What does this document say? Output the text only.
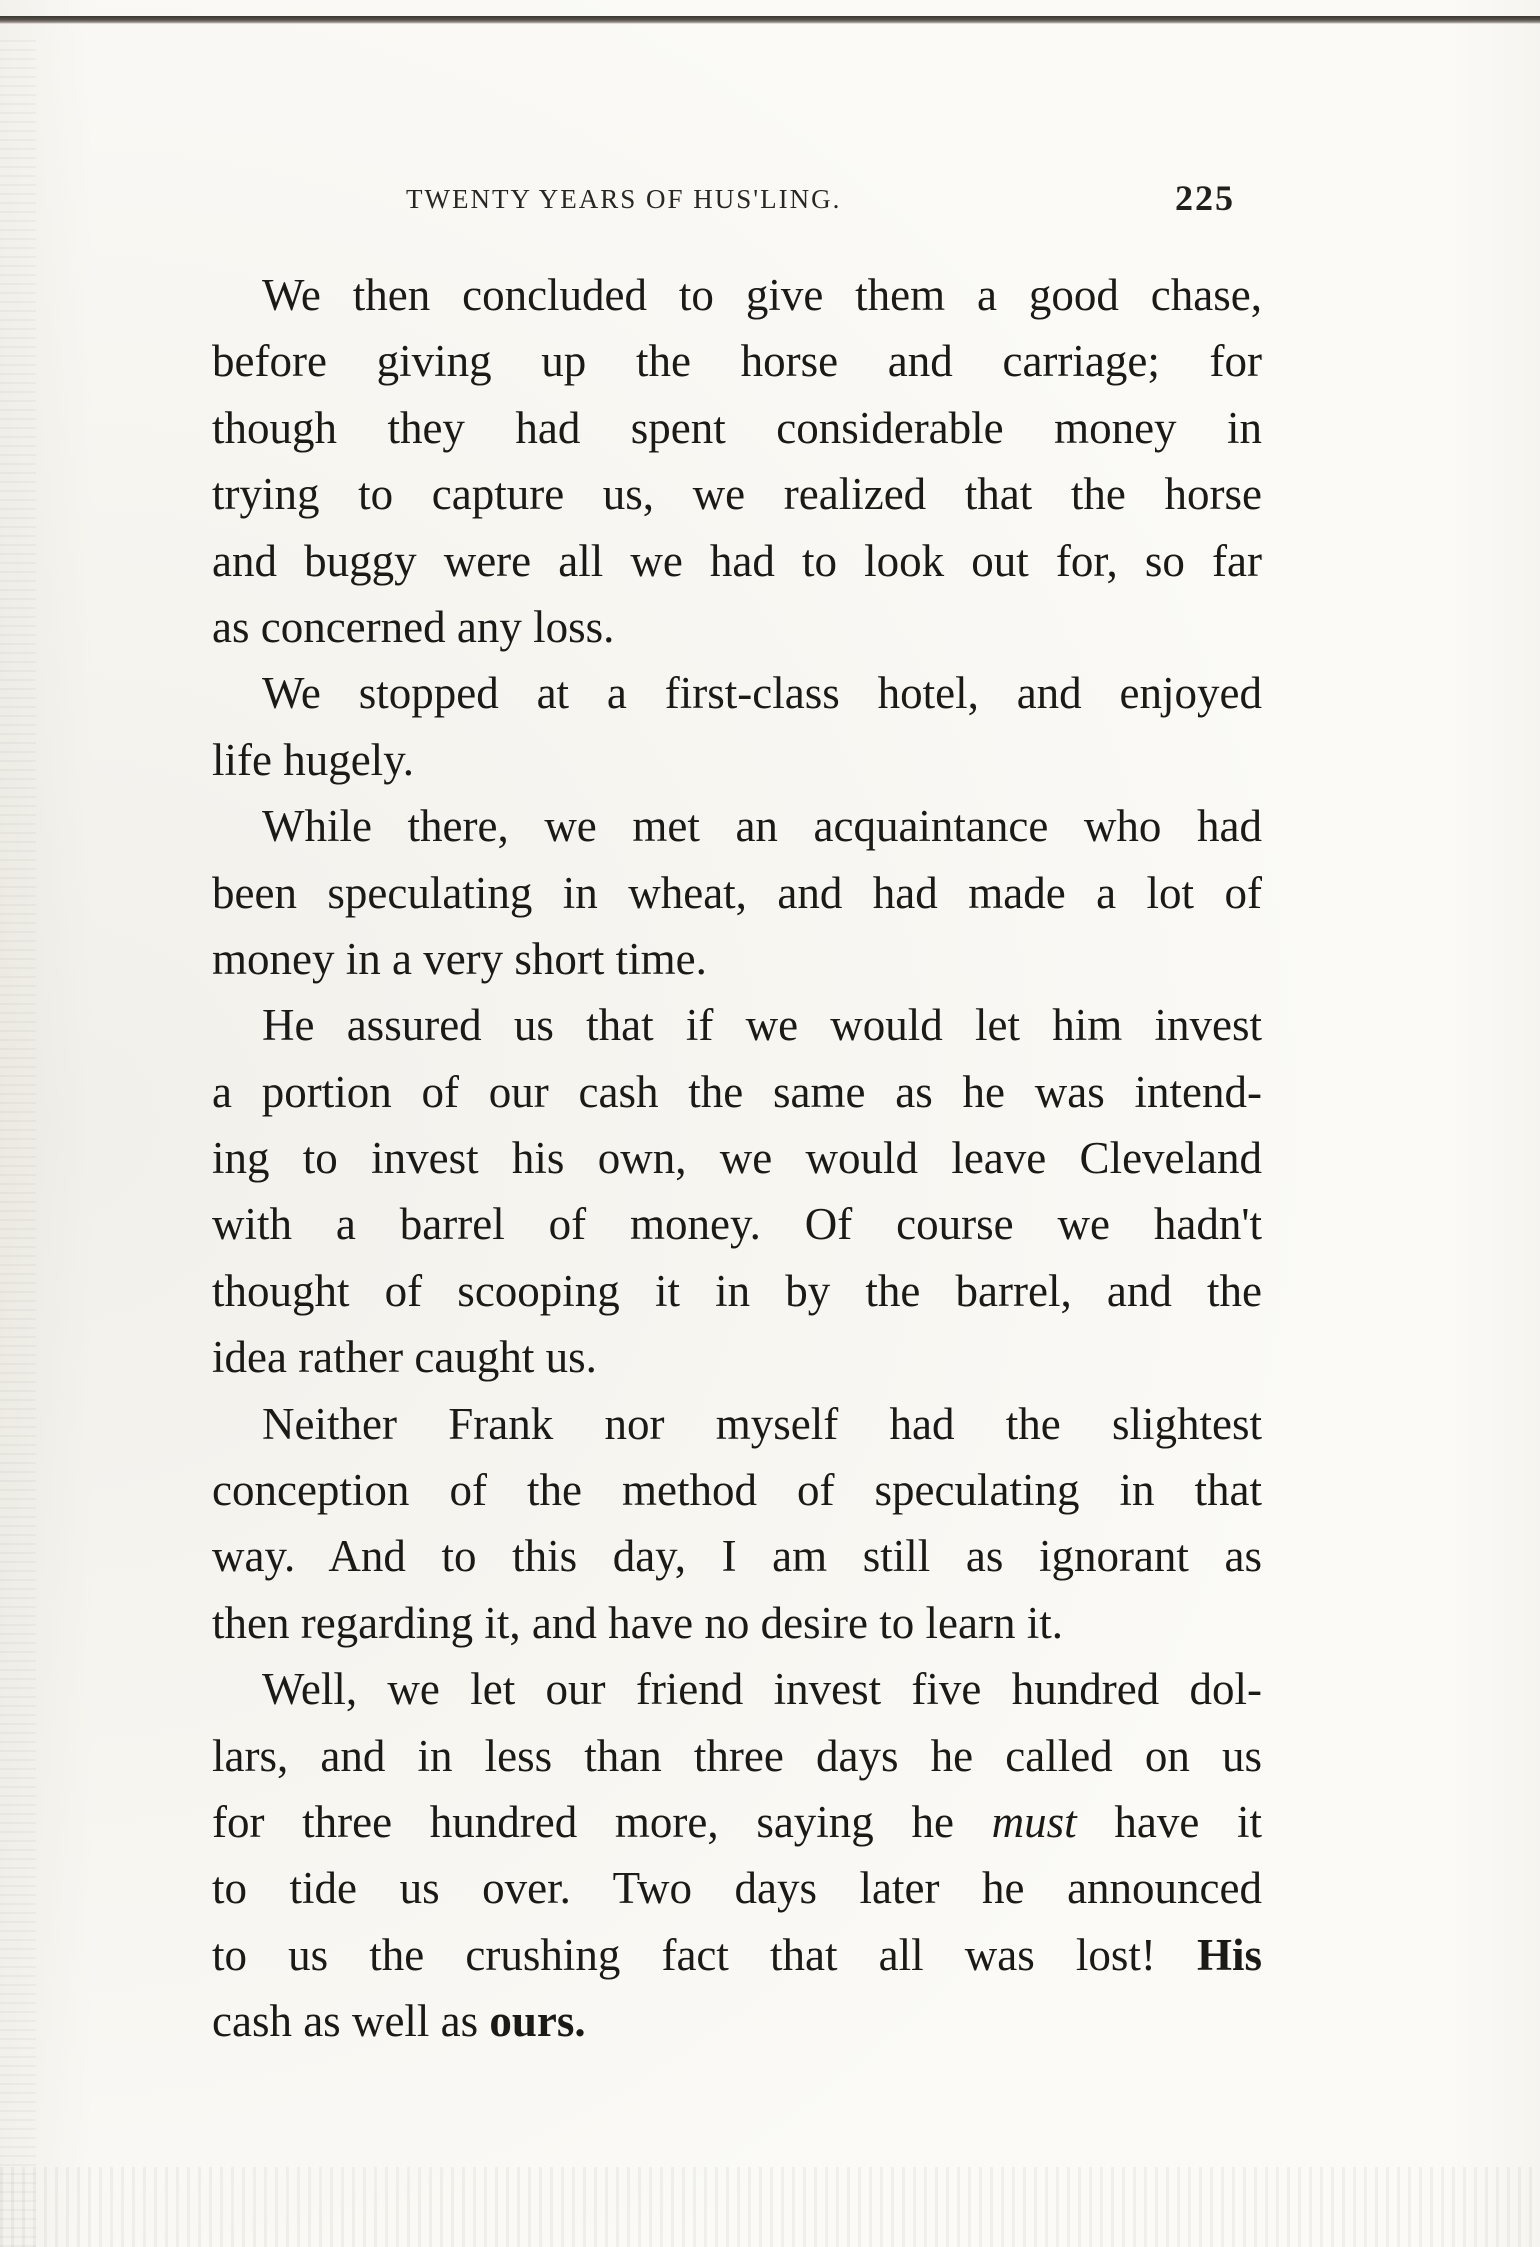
TWENTY YEARS OF HUS'LING.	225
We then concluded to give them a good chase,
before giving up the horse and carriage; for
though they had spent considerable money in
trying to capture us, we realized that the horse
and buggy were all we had to look out for, so far
as concerned any loss.
We stopped at a first-class hotel, and enjoyed
life hugely.
While there, we met an acquaintance who had
been speculating in wheat, and had made a lot of
money in a very short time.
He assured us that if we would let him invest
a portion of our cash the same as he was intend-
ing to invest his own, we would leave Cleveland
with a barrel of money. Of course we hadn't
thought of scooping it in by the barrel, and the
idea rather caught us.
Neither Frank nor myself had the slightest
conception of the method of speculating in that
way. And to this day, I am still as ignorant as
then regarding it, and have no desire to learn it.
Well, we let our friend invest five hundred dol-
lars, and in less than three days he called on us
for three hundred more, saying he must have it
to tide us over. Two days later he announced
to us the crushing fact that all was lost! His
cash as well as ours.
